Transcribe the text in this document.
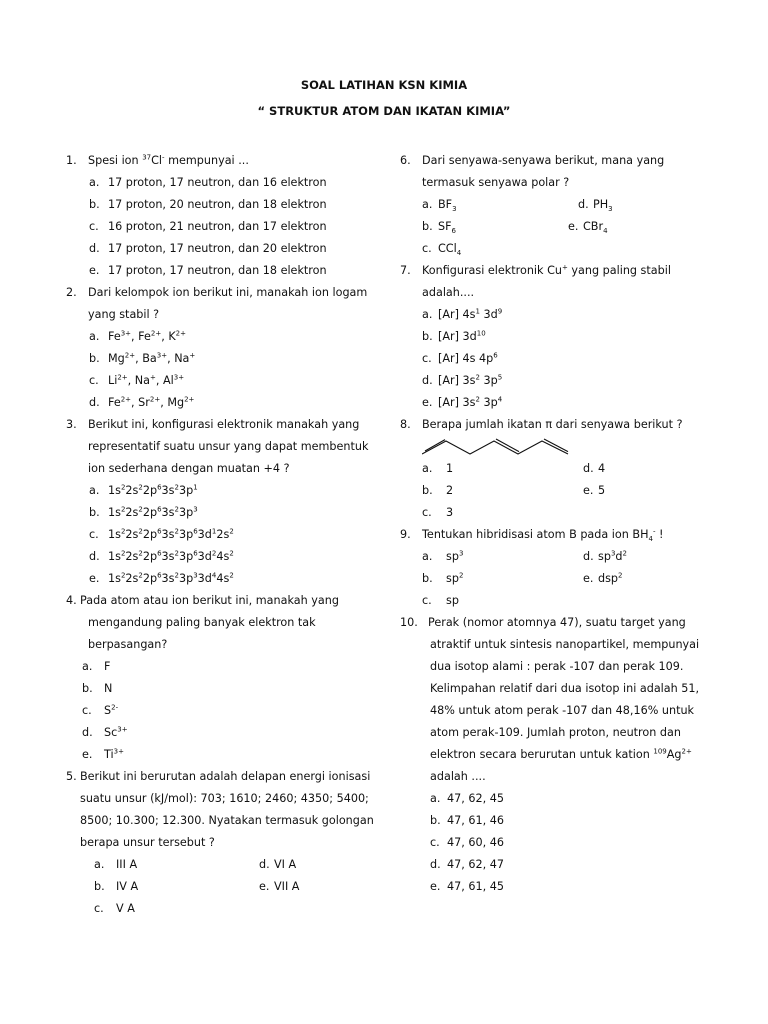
SOAL LATIHAN KSN KIMIA
“ STRUKTUR ATOM DAN IKATAN KIMIA”
1. Spesi ion $^{37}$Cl- mempunyai ...
a. 17 proton, 17 neutron, dan 16 elektron
b. 17 proton, 20 neutron, dan 18 elektron
c. 16 proton, 21 neutron, dan 17 elektron
d. 17 proton, 17 neutron, dan 20 elektron
e. 17 proton, 17 neutron, dan 18 elektron
2. Dari kelompok ion berikut ini, manakah ion logam
yang stabil ?
a. $Fe^{3+}$, $Fe^{2+}$, $K^{2+}$
b. $Mg^{2+}$, $Ba^{3+}$, Na+
c. $Li^{2+}$, Na+, $Al^{3+}$
d. $Fe^{2+}$, $Sr^{2+}$, $Mg^{2+}$
3. Berikut ini, konfigurasi elektronik manakah yang
representatif suatu unsur yang dapat membentuk
ion sederhana dengan muatan +4 ?
a. $1s^22s^22p^63s^23p^1$
b. $1s^22s^22p^63s^23p^3$
c. $1s^22s^22p^63s^23p^63d^12s^2$
d. $1s^22s^22p^63s^23p^63d^24s^2$
e. $1s^22s^22p^63s^23p^33d^44s^2$
4. Pada atom atau ion berikut ini, manakah yang
mengandung paling banyak elektron tak
berpasangan?
a.	F
b.	N
c.	$S^{2-}$
d.	$Sc^{3+}$
e.	$Ti^{3+}$
5. Berikut ini berurutan adalah delapan energi ionisasi
suatu unsur (kJ/mol): 703; 1610; 2460; 4350; 5400;
8500; 10.300; 12.300. Nyatakan termasuk golongan
berapa unsur tersebut ?
a.	III A	d. VI A
b.	IV A	e. VII A
c.	V A
6. Dari senyawa-senyawa berikut, mana yang
termasuk senyawa polar ?
a. $BF_3$	d. $PH_3$
b. $SF_6$	e. CBr$_4$
c. CCl$_4$
7. Konfigurasi elektronik Cu+ yang paling stabil
adalah....
a. [Ar] $4s^1$ $3d^9$
b. [Ar] $3d^{10}$
c. [Ar] 4s $4p^6$
d. [Ar] $3s^2$ $3p^5$
e. [Ar] $3s^2$ $3p^4$
8. Berapa jumlah ikatan π dari senyawa berikut ?
a.	1	d. 4
b.	2	e. 5
c.	3
9. Tentukan hibridisasi atom B pada ion $BH_4^-$ !
a.	$sp^3$	d. $sp^3d^2$
b.	$sp^2$	e. dsp$^2$
c.	sp
10. Perak (nomor atomnya 47), suatu target yang
atraktif untuk sintesis nanopartikel, mempunyai
dua isotop alami : perak -107 dan perak 109.
Kelimpahan relatif dari dua isotop ini adalah 51,
48% untuk atom perak -107 dan 48,16% untuk
atom perak-109. Jumlah proton, neutron dan
elektron secara berurutan untuk kation $^{109}Ag^{2+}$
adalah ....
a. 47, 62, 45
b. 47, 61, 46
c. 47, 60, 46
d. 47, 62, 47
e. 47, 61, 45
